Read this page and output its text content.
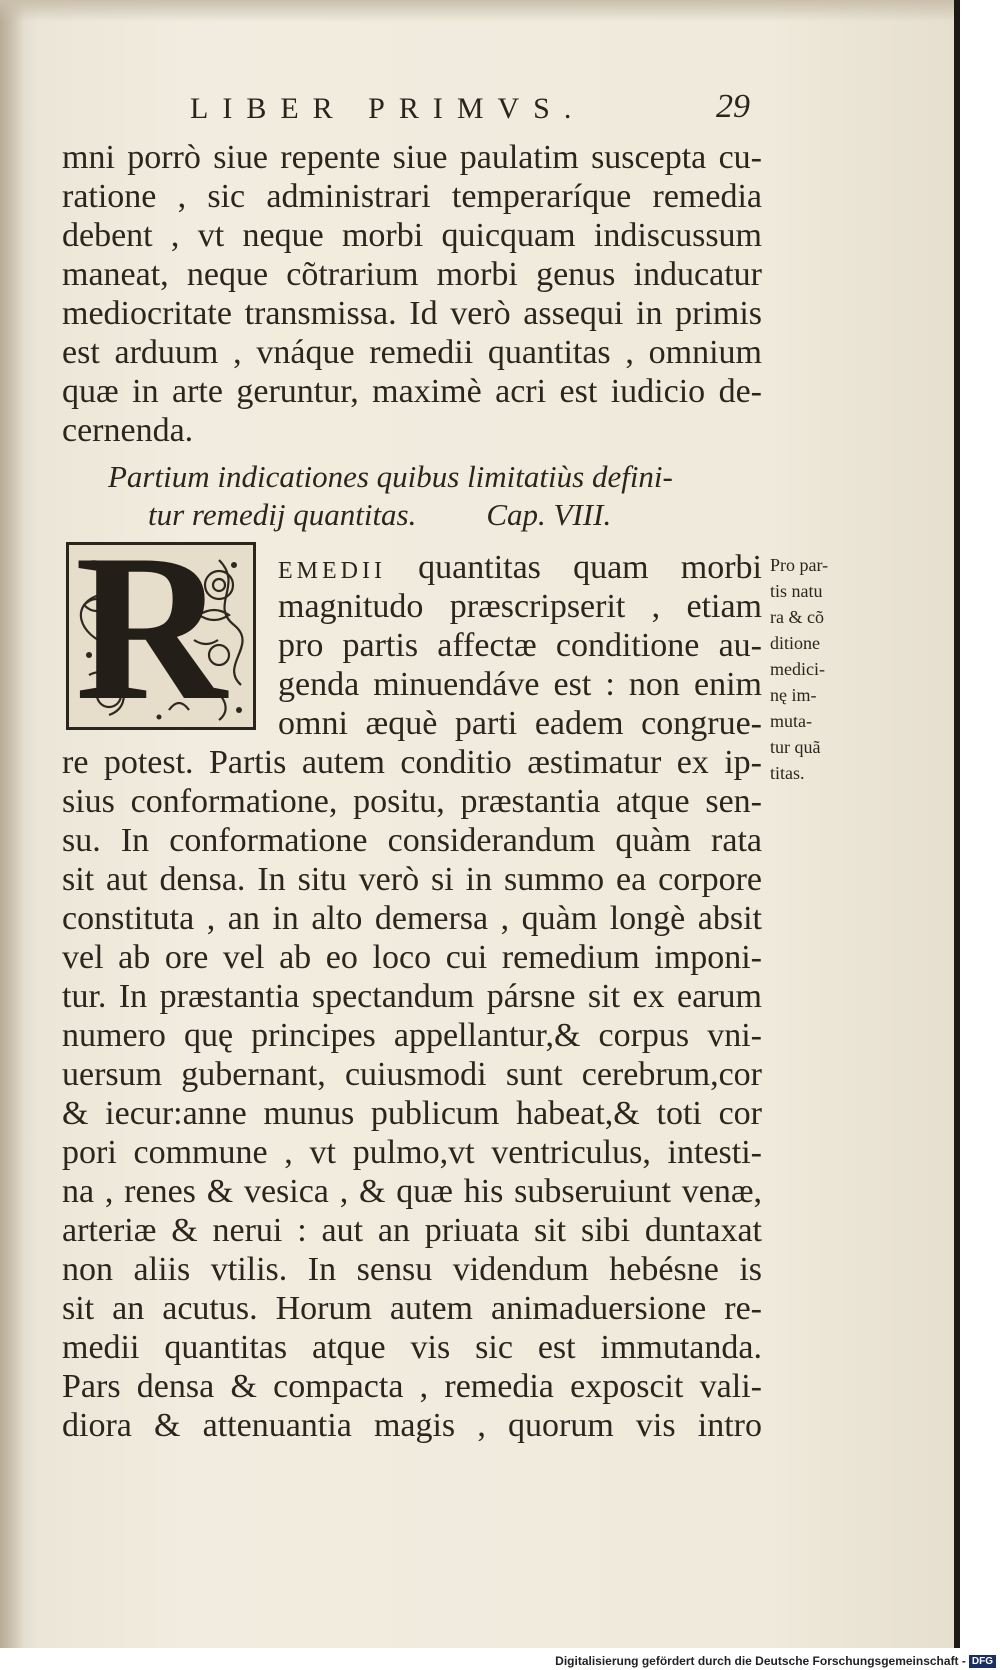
LIBER PRIMVS.	29
mni porrò siue repente siue paulatim susceptа cu-
ratione , sic administrari temperaríque remedia
debent , vt neque morbi quicquam indiscussum
maneat, neque cõtrarium morbi genus inducatur
mediocritate transmissa. Id verò assequi in primis
est arduum , vnáque remedii quantitas , omnium
quæ in arte geruntur, maximè acri est iudicio de-
cernenda.
Partium indicationes quibus limitatiùs defini-
tur remedij quantitas. Cap. VIII.
R emedii quantitas quam morbi
magnitudo præscripserit , etiam
pro partis affectæ conditione au-
genda minuendáve est : non enim
omni æquè parti eadem congrue-
re potest. Partis autem conditio æstimatur ex ip-
sius conformatione, positu, præstantia atque sen-
su. In conformatione considerandum quàm rata
sit aut densa. In situ verò si in summo ea corpore
constituta , an in alto demersa , quàm longè absit
vel ab ore vel ab eo loco cui remedium imponi-
tur. In præstantia spectandum pársne sit ex earum
numero quę principes appellantur,& corpus vni-
uersum gubernant, cuiusmodi sunt cerebrum,cor
& iecur:anne munus publicum habeat,& toti cor
pori commune , vt pulmo,vt ventriculus, intesti-
na , renes & vesica , & quæ his subseruiunt venæ,
arteriæ & nerui : aut an priuata sit sibi duntaxat
non aliis vtilis. In sensu videndum hebésne is
sit an acutus. Horum autem animaduersione re-
medii quantitas atque vis sic est immutanda.
Pars densa & compacta , remedia exposcit vali-
diora & attenuantia magis , quorum vis intro
Pro par-
tis natu
ra & cõ
ditione
medici-
nę im-
muta-
tur quã
titas.
Digitalisierung gefördert durch die Deutsche Forschungsgemeinschaft - DFG
